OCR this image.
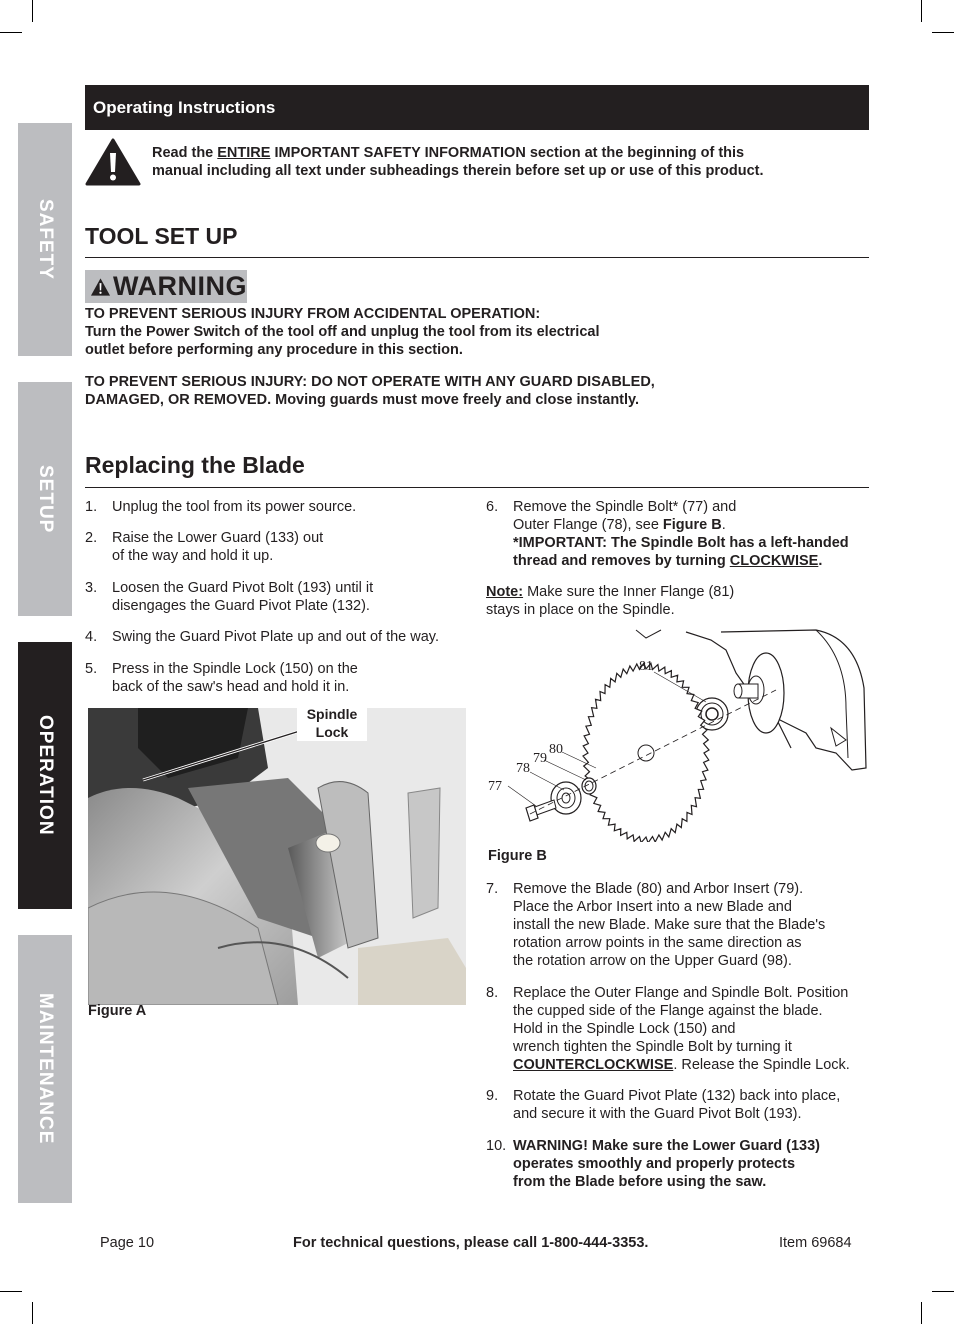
SAFETY
SETUP
OPERATION
MAINTENANCE
Operating Instructions
Read the ENTIRE IMPORTANT SAFETY INFORMATION section at the beginning of this
manual including all text under subheadings therein before set up or use of this product.
TOOL SET UP
WARNING
TO PREVENT SERIOUS INJURY FROM ACCIDENTAL OPERATION:
Turn the Power Switch of the tool off and unplug the tool from its electrical
outlet before performing any procedure in this section.
TO PREVENT SERIOUS INJURY: DO NOT OPERATE WITH ANY GUARD DISABLED,
DAMAGED, OR REMOVED. Moving guards must move freely and close instantly.
Replacing the Blade
1. Unplug the tool from its power source.
2. Raise the Lower Guard (133) out
of the way and hold it up.
3. Loosen the Guard Pivot Bolt (193) until it
disengages the Guard Pivot Plate (132).
4. Swing the Guard Pivot Plate up and out of the way.
5. Press in the Spindle Lock (150) on the
back of the saw's head and hold it in.
Spindle
Lock
Figure A
6. Remove the Spindle Bolt* (77) and
Outer Flange (78), see Figure B.
*IMPORTANT: The Spindle Bolt has a left-handed
thread and removes by turning CLOCKWISE.
Note: Make sure the Inner Flange (81)
stays in place on the Spindle.
77
78
79
80
81
Figure B
7. Remove the Blade (80) and Arbor Insert (79).
Place the Arbor Insert into a new Blade and
install the new Blade. Make sure that the Blade's
rotation arrow points in the same direction as
the rotation arrow on the Upper Guard (98).
8. Replace the Outer Flange and Spindle Bolt. Position
the cupped side of the Flange against the blade.
Hold in the Spindle Lock (150) and
wrench tighten the Spindle Bolt by turning it
COUNTERCLOCKWISE. Release the Spindle Lock.
9. Rotate the Guard Pivot Plate (132) back into place,
and secure it with the Guard Pivot Bolt (193).
10. WARNING! Make sure the Lower Guard (133)
operates smoothly and properly protects
from the Blade before using the saw.
Page 10	For technical questions, please call 1-800-444-3353.	Item 69684
